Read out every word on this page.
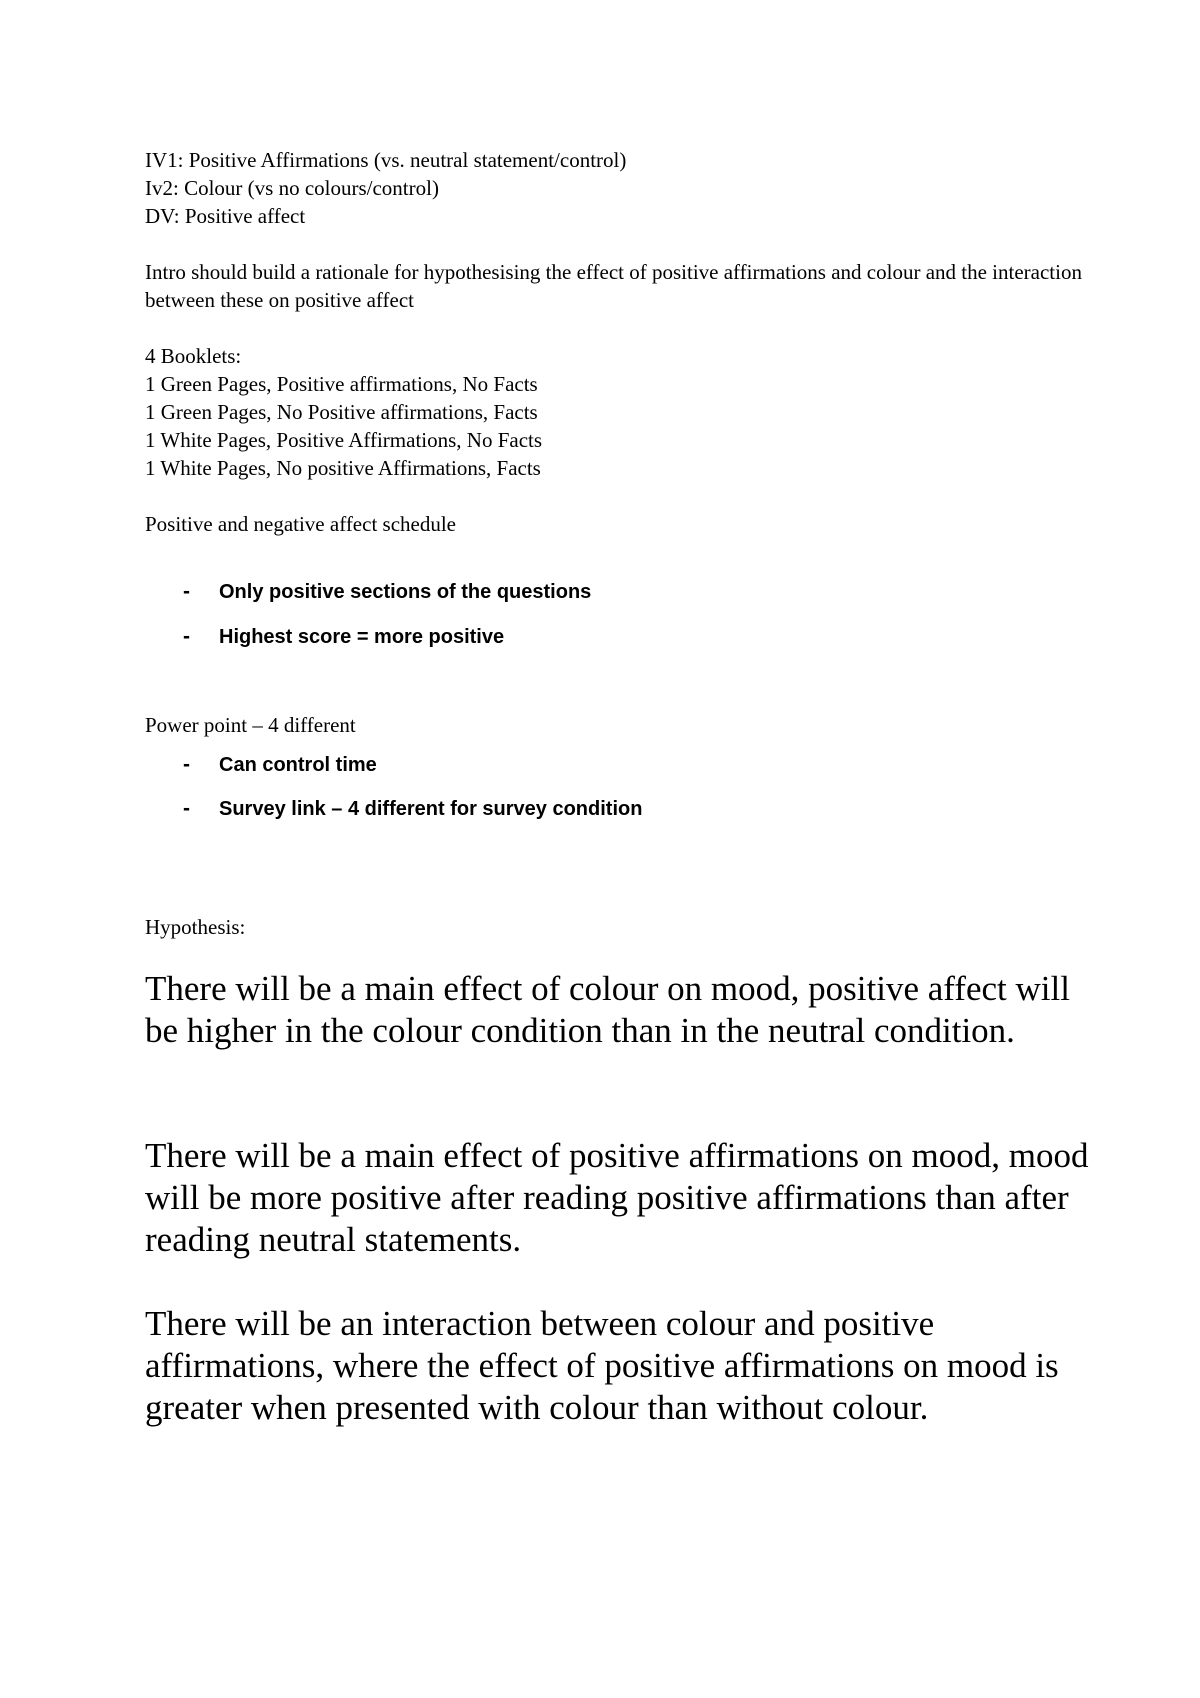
IV1: Positive Affirmations (vs. neutral statement/control)
Iv2: Colour (vs no colours/control)
DV: Positive affect
Intro should build a rationale for hypothesising the effect of positive affirmations and colour and the interaction between these on positive affect
4 Booklets:
1 Green Pages, Positive affirmations, No Facts
1 Green Pages, No Positive affirmations, Facts
1 White Pages, Positive Affirmations, No Facts
1 White Pages, No positive Affirmations, Facts
Positive and negative affect schedule
- Only positive sections of the questions
- Highest score = more positive
Power point – 4 different
- Can control time
- Survey link – 4 different for survey condition
Hypothesis:
There will be a main effect of colour on mood, positive affect will be higher in the colour condition than in the neutral condition.
There will be a main effect of positive affirmations on mood, mood will be more positive after reading positive affirmations than after reading neutral statements.
There will be an interaction between colour and positive affirmations, where the effect of positive affirmations on mood is greater when presented with colour than without colour.
